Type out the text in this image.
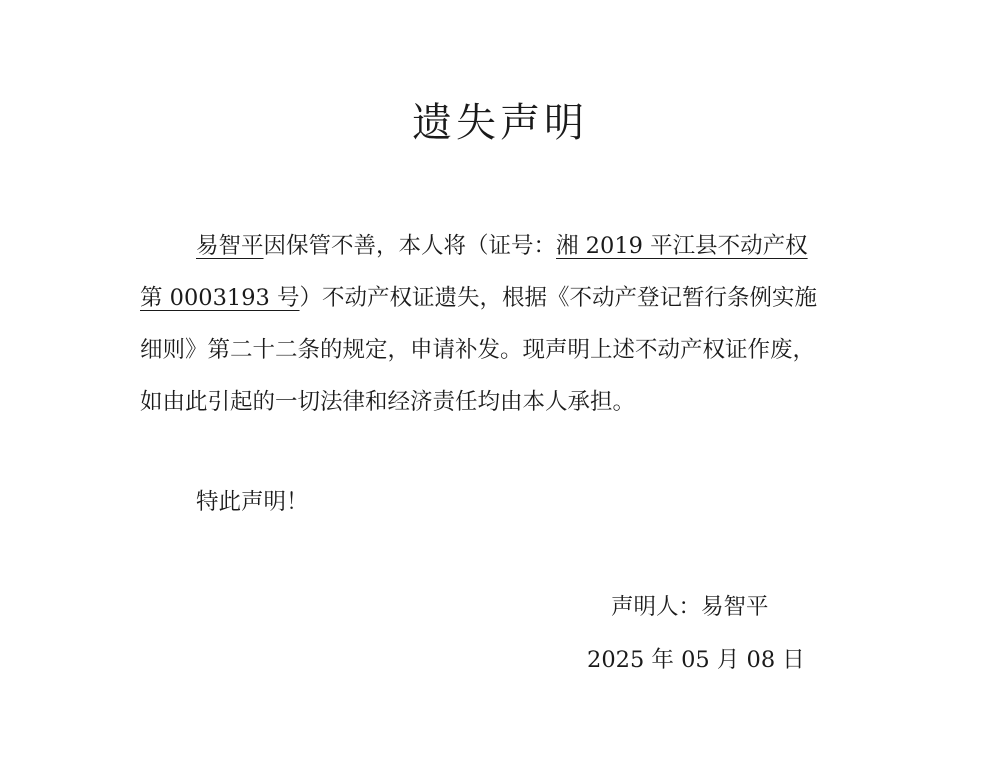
遗失声明
易智平因保管不善，本人将（证号：湘 2019 平江县不动产权
第 0003193 号）不动产权证遗失，根据《不动产登记暂行条例实施
细则》第二十二条的规定，申请补发。现声明上述不动产权证作废，
如由此引起的一切法律和经济责任均由本人承担。
特此声明！
声明人：易智平
2025 年 05 月 08 日
